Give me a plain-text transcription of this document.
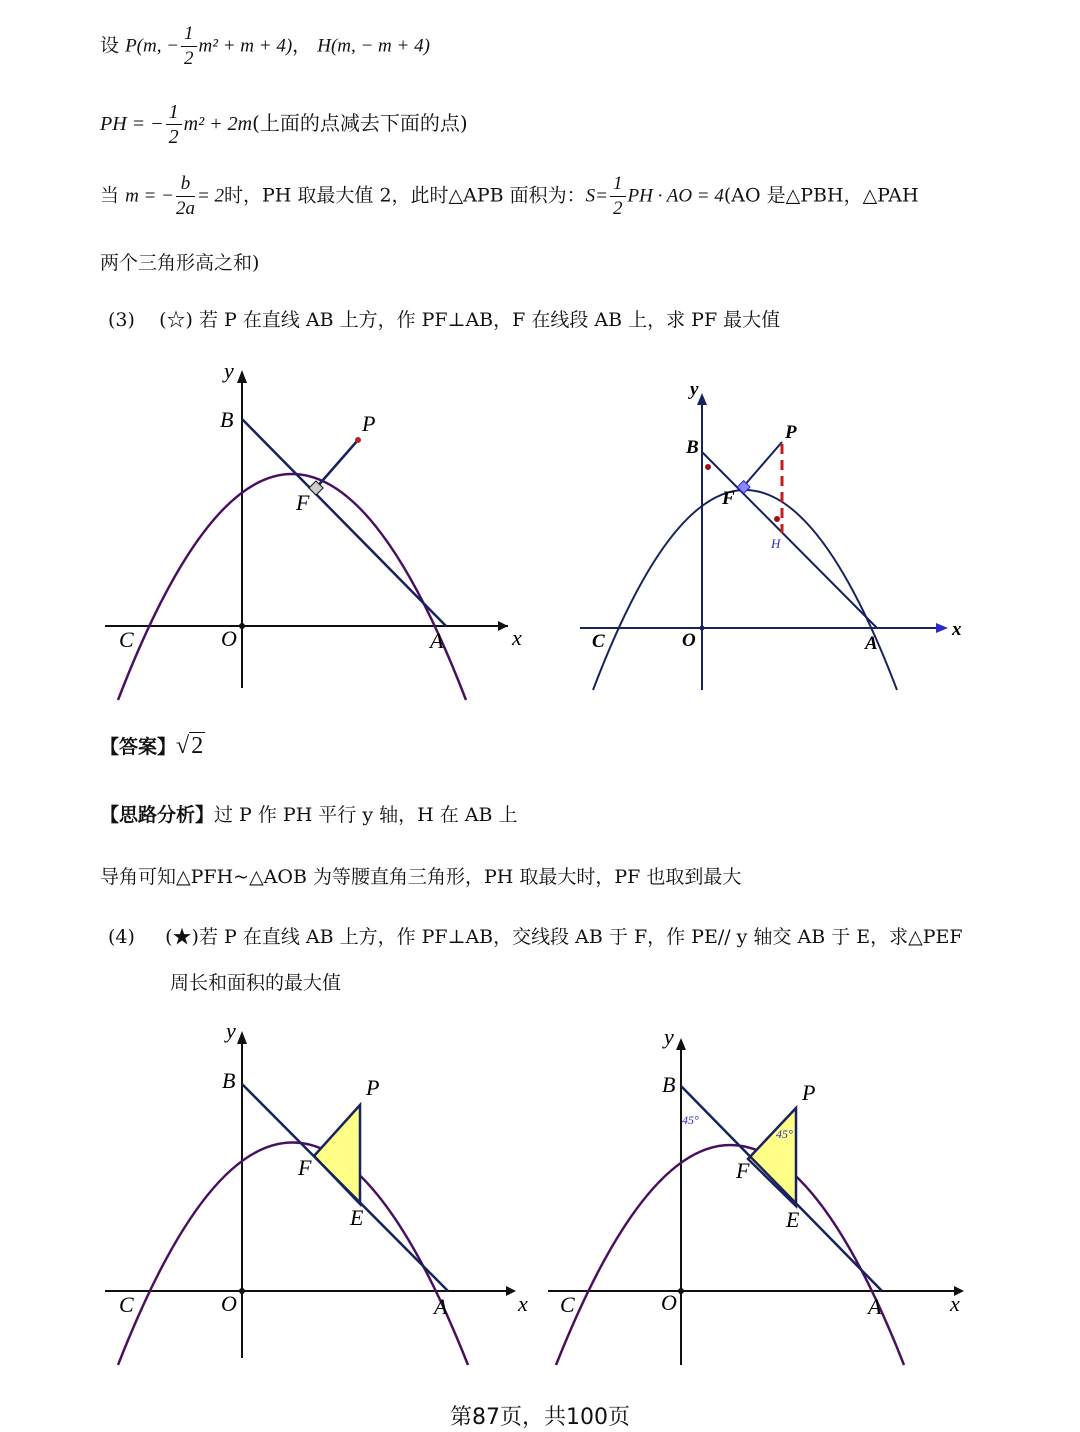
设 P(m, − $\frac{1}{2} m^2 + m + 4$)， H(m, − m + 4)
PH = − $\frac{1}{2} m^2 + 2m$(上面的点减去下面的点)
当 m = − $\frac{b}{2a} = 2$时，PH 取最大值 2，此时△APB 面积为：$S= \frac{1}{2}$ PH · AO = 4(AO 是△PBH，△PAH
两个三角形高之和)
(3) (☆) 若 P 在直线 AB 上方，作 PF⊥AB，F 在线段 AB 上，求 PF 最大值
y
B	P
F
C	O	A	x
y
B
P
F
H
C	O	A
x
【答案】√2
【思路分析】过 P 作 PH 平行 y 轴，H 在 AB 上
导角可知△PFH~△AOB 为等腰直角三角形，PH 取最大时，PF 也取到最大
(4) (★)若 P 在直线 AB 上方，作 PF⊥AB，交线段 AB 于 F，作 PE// y 轴交 AB 于 E，求△PEF
周长和面积的最大值
y
B	P
F
E
C	O	A	x
y
B	P
F
E
45°
45°
C	O	A	x
第87页，共100页
